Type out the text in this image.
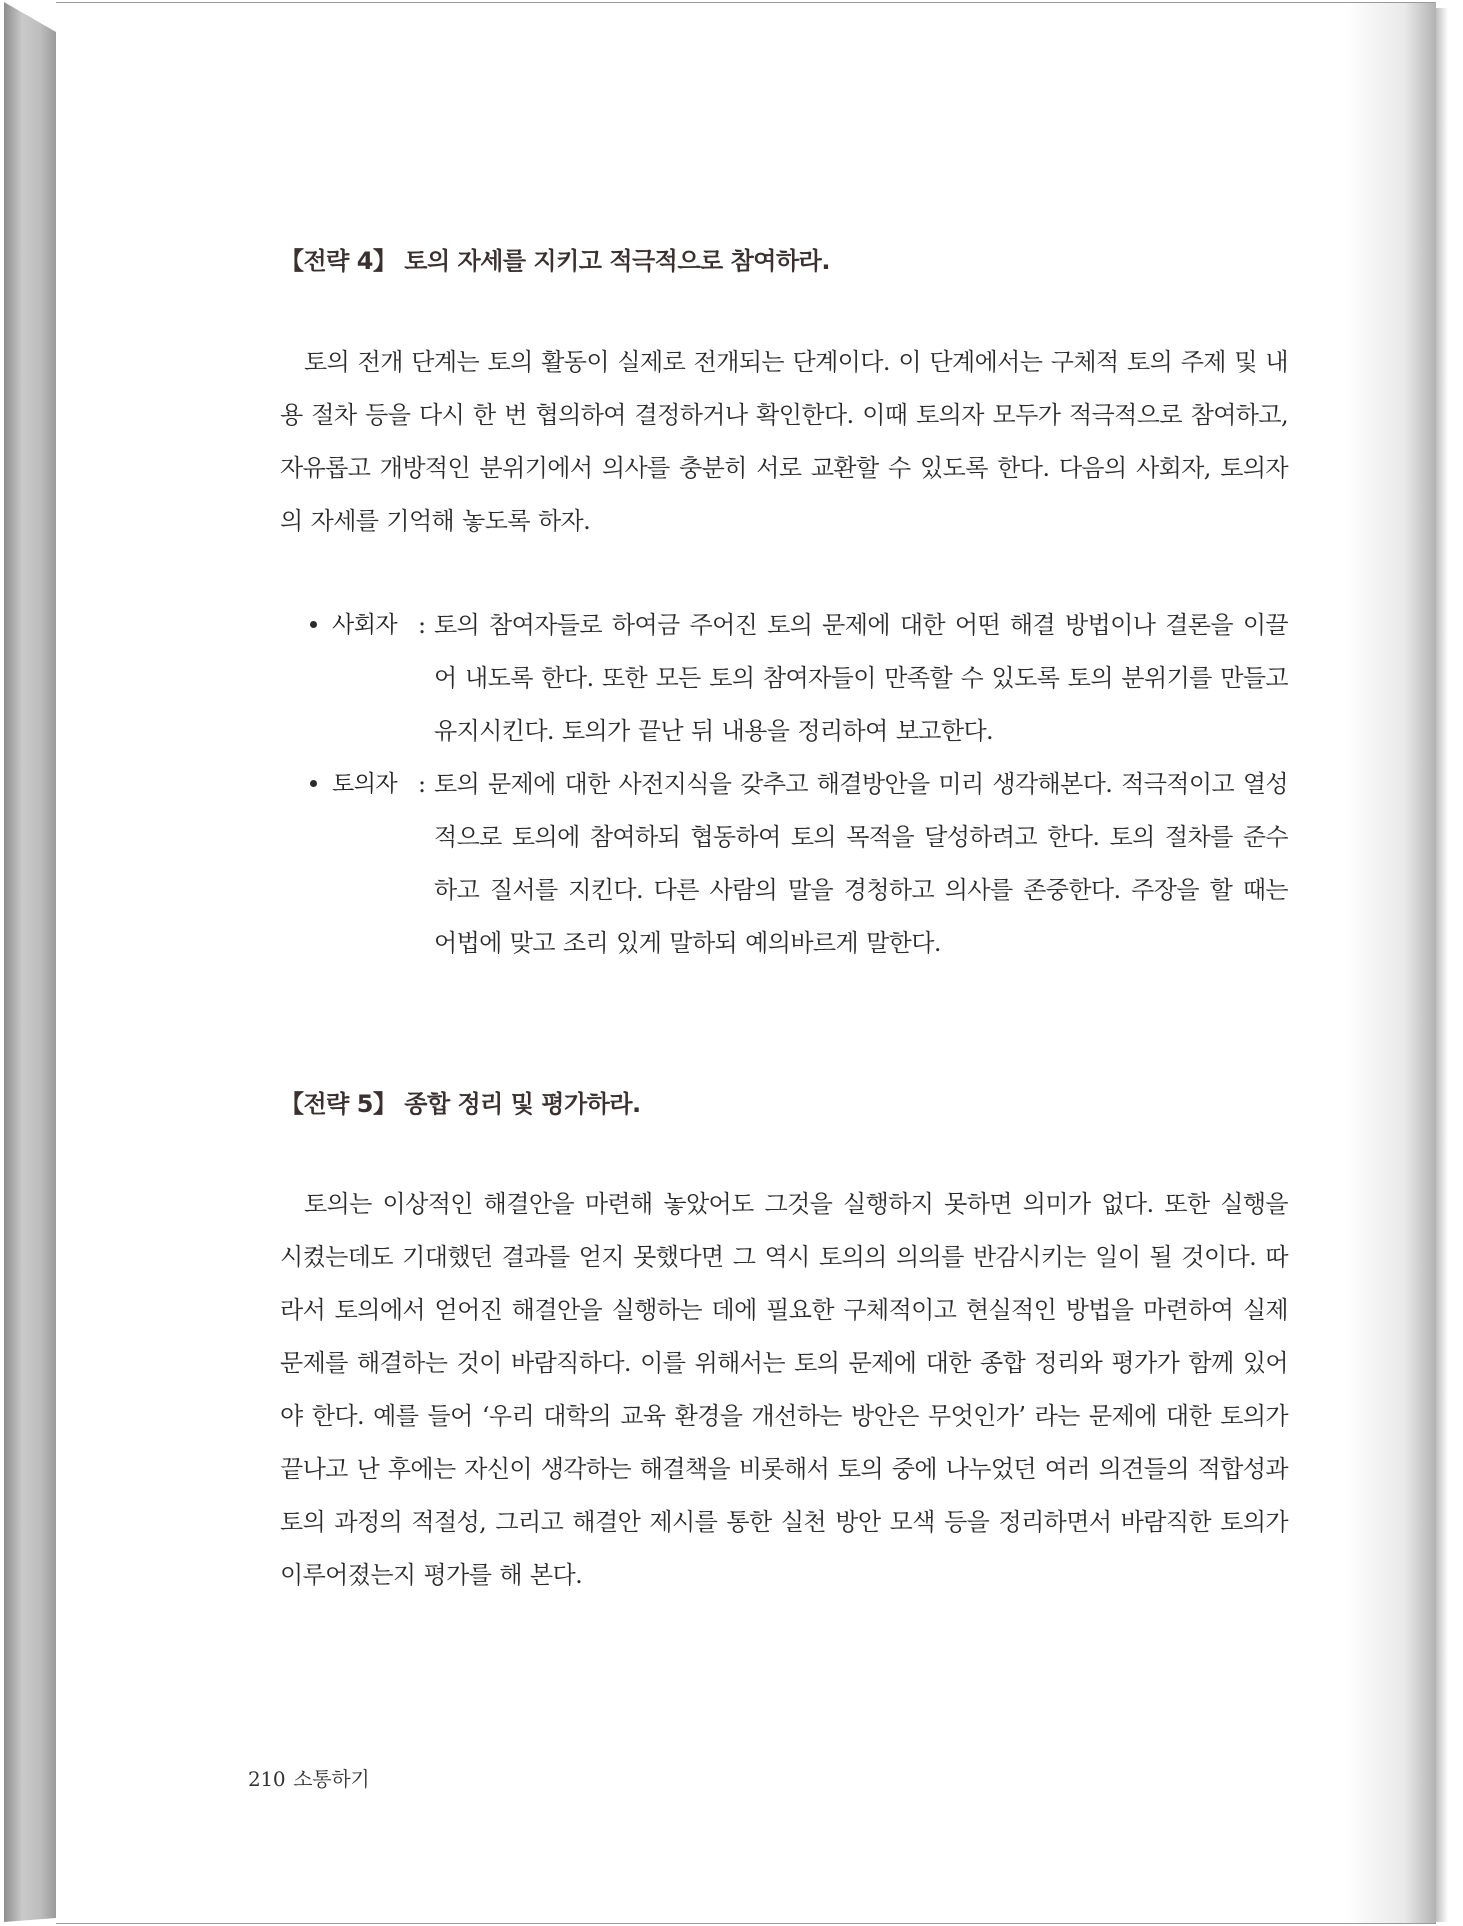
【전략 4】 토의 자세를 지키고 적극적으로 참여하라.
토의 전개 단계는 토의 활동이 실제로 전개되는 단계이다. 이 단계에서는 구체적 토의 주제 및 내용 절차 등을 다시 한 번 협의하여 결정하거나 확인한다. 이때 토의자 모두가 적극적으로 참여하고, 자유롭고 개방적인 분위기에서 의사를 충분히 서로 교환할 수 있도록 한다. 다음의 사회자, 토의자의 자세를 기억해 놓도록 하자.
사회자 : 토의 참여자들로 하여금 주어진 토의 문제에 대한 어떤 해결 방법이나 결론을 이끌어 내도록 한다. 또한 모든 토의 참여자들이 만족할 수 있도록 토의 분위기를 만들고 유지시킨다. 토의가 끝난 뒤 내용을 정리하여 보고한다.
토의자 : 토의 문제에 대한 사전지식을 갖추고 해결방안을 미리 생각해본다. 적극적이고 열성적으로 토의에 참여하되 협동하여 토의 목적을 달성하려고 한다. 토의 절차를 준수하고 질서를 지킨다. 다른 사람의 말을 경청하고 의사를 존중한다. 주장을 할 때는 어법에 맞고 조리 있게 말하되 예의바르게 말한다.
【전략 5】 종합 정리 및 평가하라.
토의는 이상적인 해결안을 마련해 놓았어도 그것을 실행하지 못하면 의미가 없다. 또한 실행을 시켰는데도 기대했던 결과를 얻지 못했다면 그 역시 토의의 의의를 반감시키는 일이 될 것이다. 따라서 토의에서 얻어진 해결안을 실행하는 데에 필요한 구체적이고 현실적인 방법을 마련하여 실제 문제를 해결하는 것이 바람직하다. 이를 위해서는 토의 문제에 대한 종합 정리와 평가가 함께 있어야 한다. 예를 들어 ‘우리 대학의 교육 환경을 개선하는 방안은 무엇인가’ 라는 문제에 대한 토의가 끝나고 난 후에는 자신이 생각하는 해결책을 비롯해서 토의 중에 나누었던 여러 의견들의 적합성과 토의 과정의 적절성, 그리고 해결안 제시를 통한 실천 방안 모색 등을 정리하면서 바람직한 토의가 이루어졌는지 평가를 해 본다.
210 소통하기
